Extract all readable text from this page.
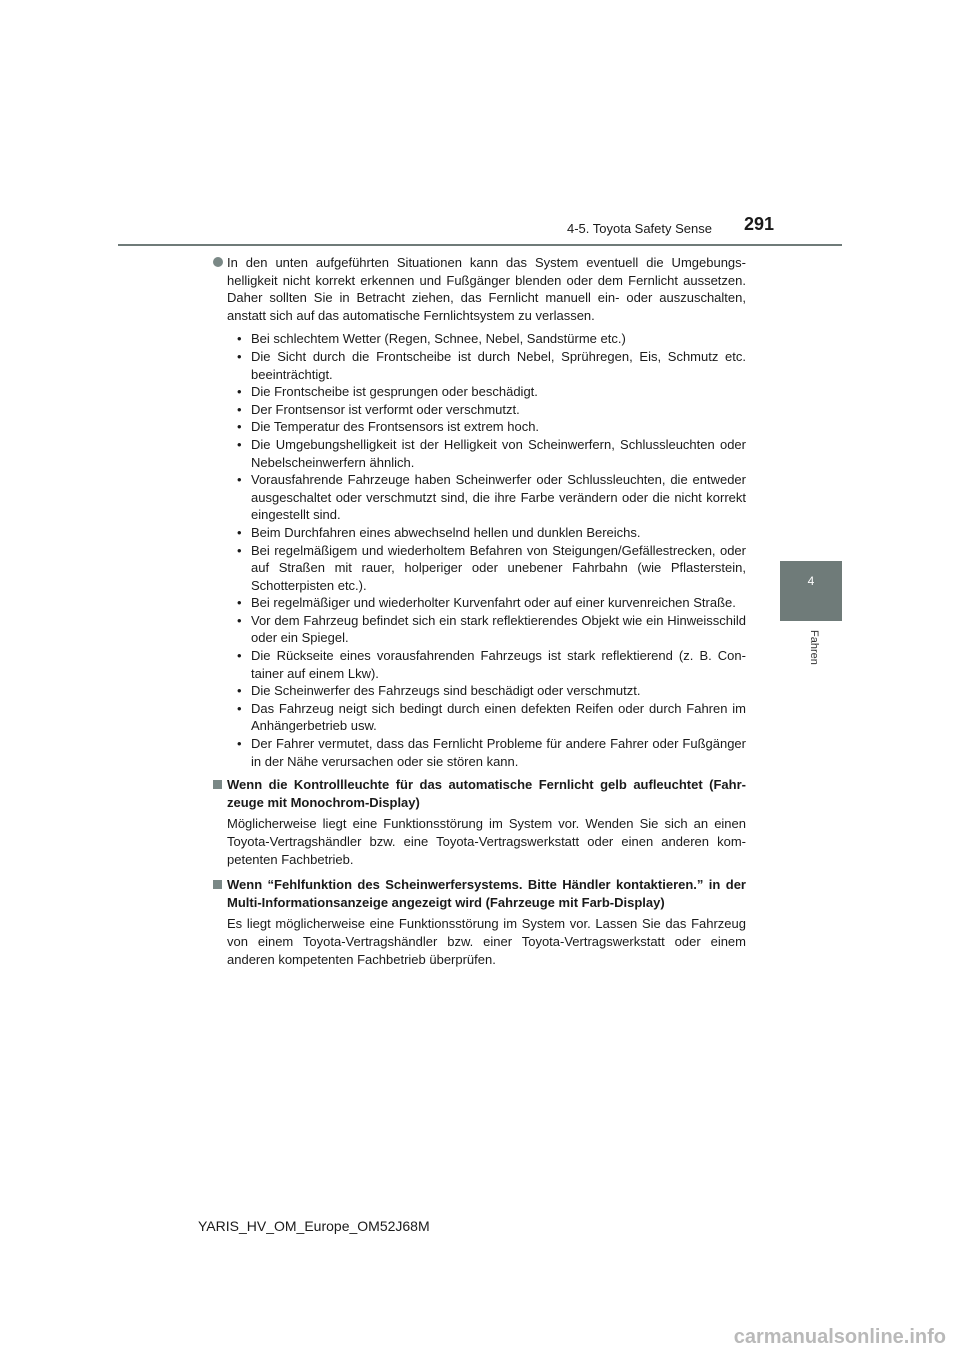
4-5. Toyota Safety Sense	291
4
Fahren
In den unten aufgeführten Situationen kann das System eventuell die Umgebungshelligkeit nicht korrekt erkennen und Fußgänger blenden oder dem Fernlicht aussetzen. Daher sollten Sie in Betracht ziehen, das Fernlicht manuell ein- oder auszuschalten, anstatt sich auf das automatische Fernlichtsystem zu verlassen.
• Bei schlechtem Wetter (Regen, Schnee, Nebel, Sandstürme etc.)
• Die Sicht durch die Frontscheibe ist durch Nebel, Sprühregen, Eis, Schmutz etc. beeinträchtigt.
• Die Frontscheibe ist gesprungen oder beschädigt.
• Der Frontsensor ist verformt oder verschmutzt.
• Die Temperatur des Frontsensors ist extrem hoch.
• Die Umgebungshelligkeit ist der Helligkeit von Scheinwerfern, Schlussleuchten oder Nebelscheinwerfern ähnlich.
• Vorausfahrende Fahrzeuge haben Scheinwerfer oder Schlussleuchten, die entweder ausgeschaltet oder verschmutzt sind, die ihre Farbe verändern oder die nicht korrekt eingestellt sind.
• Beim Durchfahren eines abwechselnd hellen und dunklen Bereichs.
• Bei regelmäßigem und wiederholtem Befahren von Steigungen/Gefällestrecken, oder auf Straßen mit rauer, holperiger oder unebener Fahrbahn (wie Pflasterstein, Schotterpisten etc.).
• Bei regelmäßiger und wiederholter Kurvenfahrt oder auf einer kurvenreichen Straße.
• Vor dem Fahrzeug befindet sich ein stark reflektierendes Objekt wie ein Hinweisschild oder ein Spiegel.
• Die Rückseite eines vorausfahrenden Fahrzeugs ist stark reflektierend (z. B. Container auf einem Lkw).
• Die Scheinwerfer des Fahrzeugs sind beschädigt oder verschmutzt.
• Das Fahrzeug neigt sich bedingt durch einen defekten Reifen oder durch Fahren im Anhängerbetrieb usw.
• Der Fahrer vermutet, dass das Fernlicht Probleme für andere Fahrer oder Fußgänger in der Nähe verursachen oder sie stören kann.
Wenn die Kontrollleuchte für das automatische Fernlicht gelb aufleuchtet (Fahrzeuge mit Monochrom-Display)
Möglicherweise liegt eine Funktionsstörung im System vor. Wenden Sie sich an einen Toyota-Vertragshändler bzw. eine Toyota-Vertragswerkstatt oder einen anderen kompetenten Fachbetrieb.
Wenn “Fehlfunktion des Scheinwerfersystems. Bitte Händler kontaktieren.” in der Multi-Informationsanzeige angezeigt wird (Fahrzeuge mit Farb-Display)
Es liegt möglicherweise eine Funktionsstörung im System vor. Lassen Sie das Fahrzeug von einem Toyota-Vertragshändler bzw. einer Toyota-Vertragswerkstatt oder einem anderen kompetenten Fachbetrieb überprüfen.
YARIS_HV_OM_Europe_OM52J68M
carmanualsonline.info
